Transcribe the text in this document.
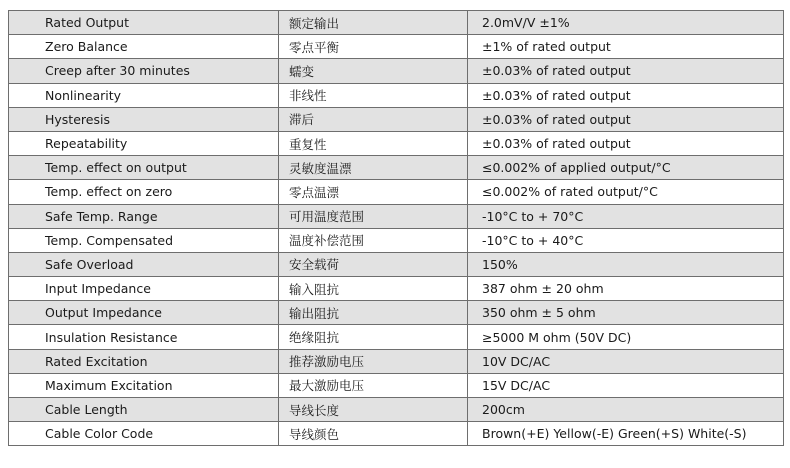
Rated Output	额定输出	2.0mV/V ±1%
Zero Balance	零点平衡	±1% of rated output
Creep after 30 minutes	蠕变	±0.03% of rated output
Nonlinearity	非线性	±0.03% of rated output
Hysteresis	滞后	±0.03% of rated output
Repeatability	重复性	±0.03% of rated output
Temp. effect on output	灵敏度温漂	≤0.002% of applied output/°C
Temp. effect on zero	零点温漂	≤0.002% of rated output/°C
Safe Temp. Range	可用温度范围	-10°C to + 70°C
Temp. Compensated	温度补偿范围	-10°C to + 40°C
Safe Overload	安全载荷	150%
Input Impedance	输入阻抗	387 ohm ± 20 ohm
Output Impedance	输出阻抗	350 ohm ± 5 ohm
Insulation Resistance	绝缘阻抗	≥5000 M ohm (50V DC)
Rated Excitation	推荐激励电压	10V DC/AC
Maximum Excitation	最大激励电压	15V DC/AC
Cable Length	导线长度	200cm
Cable Color Code	导线颜色	Brown(+E) Yellow(-E) Green(+S) White(-S)
